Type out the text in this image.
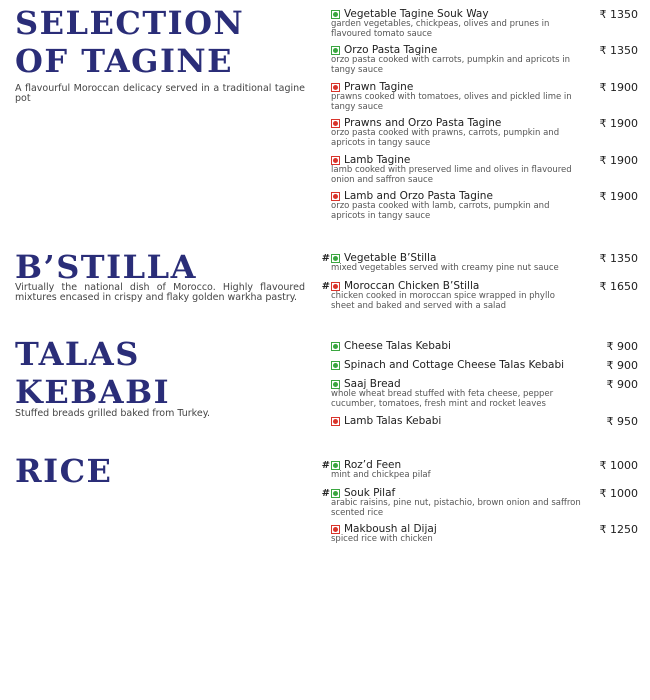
SELECTION
OF TAGINE

A flavourful Moroccan delicacy served in a traditional tagine pot

Vegetable Tagine Souk Way	₹ 1350
garden vegetables, chickpeas, olives and prunes in flavoured tomato sauce
Orzo Pasta Tagine	₹ 1350
orzo pasta cooked with carrots, pumpkin and apricots in tangy sauce
Prawn Tagine	₹ 1900
prawns cooked with tomatoes, olives and pickled lime in tangy sauce
Prawns and Orzo Pasta Tagine	₹ 1900
orzo pasta cooked with prawns, carrots, pumpkin and apricots in tangy sauce
Lamb Tagine	₹ 1900
lamb cooked with preserved lime and olives in flavoured onion and saffron sauce
Lamb and Orzo Pasta Tagine	₹ 1900
orzo pasta cooked with lamb, carrots, pumpkin and apricots in tangy sauce
B’STILLA

Virtually the national dish of Morocco. Highly flavoured mixtures encased in crispy and flaky golden warkha pastry.

# Vegetable B’Stilla	₹ 1350
mixed vegetables served with creamy pine nut sauce
# Moroccan Chicken B’Stilla	₹ 1650
chicken cooked in moroccan spice wrapped in phyllo sheet and baked and served with a salad
TALAS
KEBABI

Stuffed breads grilled baked from Turkey.

Cheese Talas Kebabi	₹ 900
Spinach and Cottage Cheese Talas Kebabi	₹ 900
Saaj Bread	₹ 900
whole wheat bread stuffed with feta cheese, pepper cucumber, tomatoes, fresh mint and rocket leaves
Lamb Talas Kebabi	₹ 950
RICE	# Roz’d Feen	₹ 1000
mint and chickpea pilaf
# Souk Pilaf	₹ 1000
arabic raisins, pine nut, pistachio, brown onion and saffron scented rice
Makboush al Dijaj	₹ 1250
spiced rice with chicken
